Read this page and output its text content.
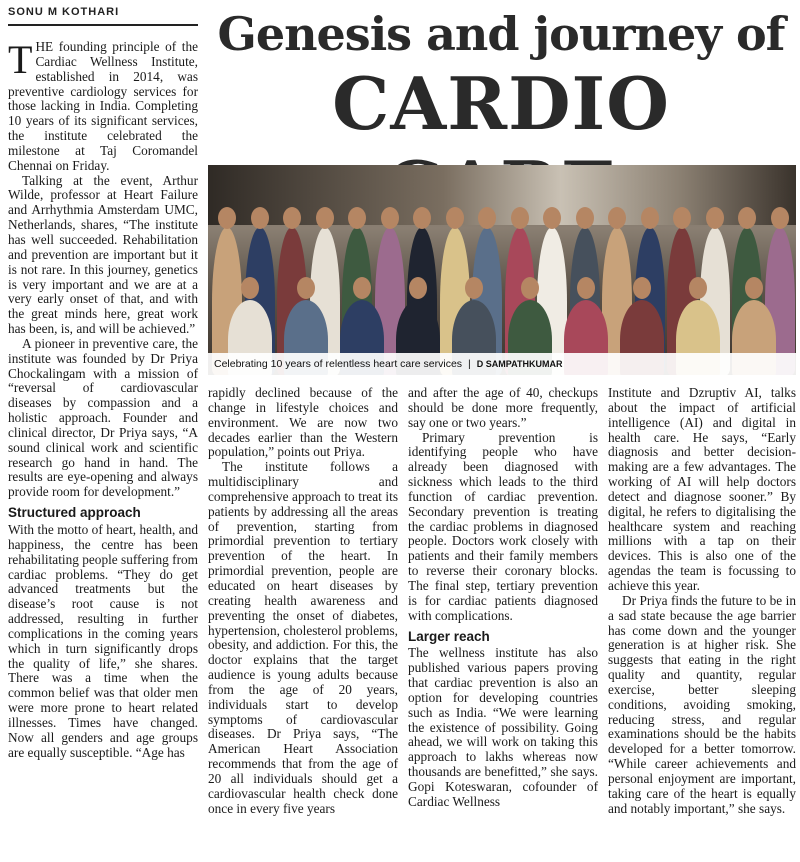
SONU M KOTHARI	Genesis and journey of
CARDIO
Celebrating 10 years of relentless heart care services | D SAMPATHKUMAR

THE founding principle of the Cardiac Wellness Institute, established in 2014, was preventive cardiology services for those lacking in India. Completing 10 years of its significant services, the institute celebrated the milestone at Taj Coromandel Chennai on Friday.

Talking at the event, Arthur Wilde, professor at Heart Failure and Arrhythmia Amsterdam UMC, Netherlands, shares, “The institute has well succeeded. Rehabilitation and prevention are important but it is not rare. In this journey, genetics is very important and we are at a very early onset of that, and with the great minds here, great work has been, is, and will be achieved.”

A pioneer in preventive care, the institute was founded by Dr Priya Chockalingam with a mission of “reversal of cardiovascular diseases by compassion and a holistic approach. Founder and clinical director, Dr Priya says, “A sound clinical work and scientific research go hand in hand. The results are eye-opening and always provide room for development.”

Structured approach

With the motto of heart, health, and happiness, the centre has been rehabilitating people suffering from cardiac problems. “They do get advanced treatments but the disease’s root cause is not addressed, resulting in further complications in the coming years which in turn significantly drops the quality of life,” she shares. There was a time when the common belief was that older men were more prone to heart related illnesses. Times have changed. Now all genders and age groups are equally susceptible. “Age has

rapidly declined because of the change in lifestyle choices and environment. We are now two decades earlier than the Western population,” points out Priya.

The institute follows a multidisciplinary and comprehensive approach to treat its patients by addressing all the areas of prevention, starting from primordial prevention to tertiary prevention of the heart. In primordial prevention, people are educated on heart diseases by creating health awareness and preventing the onset of diabetes, hypertension, cholesterol problems, obesity, and addiction. For this, the doctor explains that the target audience is young adults because from the age of 20 years, individuals start to develop symptoms of cardiovascular diseases. Dr Priya says, “The American Heart Association recommends that from the age of 20 all individuals should get a cardiovascular health check done once in every five years

and after the age of 40, checkups should be done more frequently, say one or two years.”

Primary prevention is identifying people who have already been diagnosed with sickness which leads to the third function of cardiac prevention. Secondary prevention is treating the cardiac problems in diagnosed people. Doctors work closely with patients and their family members to reverse their coronary blocks. The final step, tertiary prevention is for cardiac patients diagnosed with complications.

Larger reach

The wellness institute has also published various papers proving that cardiac prevention is also an option for developing countries such as India. “We were learning the existence of possibility. Going ahead, we will work on taking this approach to lakhs whereas now thousands are benefitted,” she says. Gopi Koteswaran, cofounder of Cardiac Wellness

Institute and Dzruptiv AI, talks about the impact of artificial intelligence (AI) and digital in health care. He says, “Early diagnosis and better decision-making are a few advantages. The working of AI will help doctors detect and diagnose sooner.” By digital, he refers to digitalising the healthcare system and reaching millions with a tap on their devices. This is also one of the agendas the team is focussing to achieve this year.

Dr Priya finds the future to be in a sad state because the age barrier has come down and the younger generation is at higher risk. She suggests that eating in the right quality and quantity, regular exercise, better sleeping conditions, avoiding smoking, reducing stress, and regular examinations should be the habits developed for a better tomorrow. “While career achievements and personal enjoyment are important, taking care of the heart is equally and notably important,” she says.
